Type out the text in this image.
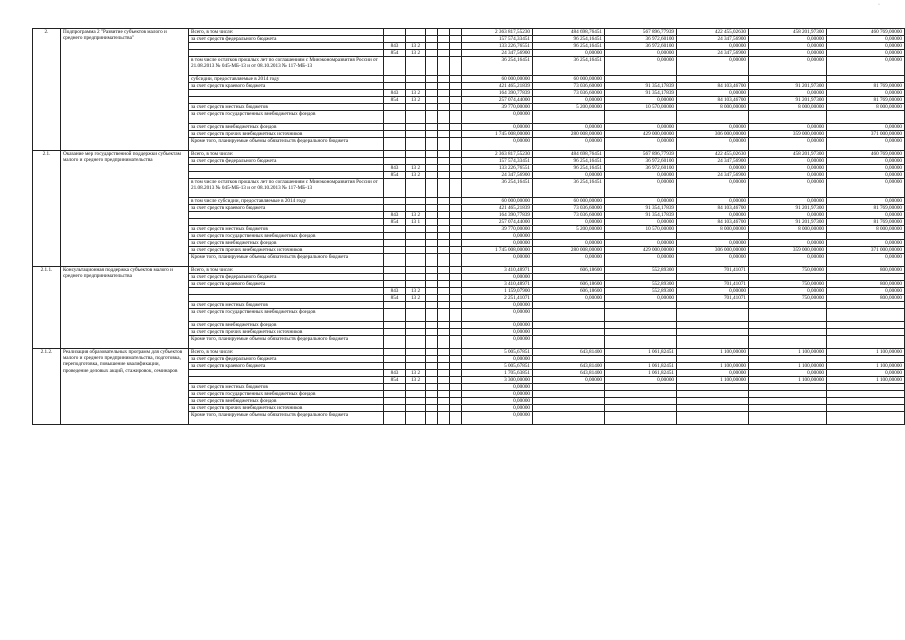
·
2.	Подпрограмма 2 "Развитие субъектов малого и среднего предпринимательства"	Всего, в том числе:						2 363 817,55230	484 698,76451	567 896,77939	422 455,02630	458 201,97300	460 769,00000
		за счет средств федерального бюджета						157 574,33451	96 254,16451	36 972,60100	24 347,56900	0,00000	0,00000
			843	13 2				133 226,76551	96 254,16451	36 972,60100	0,00000	0,00000	0,00000
			854	13 2				24 347,56900	0,00000	0,00000	24 347,56900	0,00000	0,00000
		в том числе остатков прошлых лет по соглашениям с Минэкономразвития России от 21.08.2013 № 045-МБ-13 и от 08.10.2013 № 117-МБ-13						36 254,16451	36 254,16451	0,00000	0,00000	0,00000	0,00000
		субсидии, предоставляемые в 2014 году						60 000,00000	60 000,00000				
		за счет средств краевого бюджета						421 465,21839	73 036,60000	91 354,17839	84 103,46700	91 201,97300	81 769,00000
			843	13 2				164 390,77839	73 036,60000	91 354,17839	0,00000	0,00000	0,00000
			854	13 2				257 074,44000	0,00000	0,00000	84 103,46700	91 201,97300	81 769,00000
		за счет средств местных бюджетов						39 770,00000	5 200,00000	10 570,00000	8 000,00000	8 000,00000	8 000,00000
		за счет средств государственных внебюджетных фондов						0,00000					
		за счет средств внебюджетных фондов						0,00000	0,00000	0,00000	0,00000	0,00000	0,00000
		за счет средств прочих внебюджетных источников						1 745 008,00000	280 008,00000	429 000,00000	306 000,00000	359 000,00000	371 000,00000
		Кроме того, планируемые объемы обязательств федерального бюджета						0,00000	0,00000	0,00000	0,00000	0,00000	0,00000
2.1.	Оказание мер государственной поддержки субъектам малого и среднего предпринимательства	Всего, в том числе:						2 363 817,55230	484 698,76451	567 896,77939	422 455,02630	458 201,97300	460 769,00000
		за счет средств федерального бюджета						157 574,33451	96 254,16451	36 972,60100	24 347,56900	0,00000	0,00000
			843	13 2				133 226,76551	96 254,16451	36 972,60100	0,00000	0,00000	0,00000
			854	13 2				24 347,56900	0,00000	0,00000	24 347,56900	0,00000	0,00000
		в том числе остатков прошлых лет по соглашениям с Минэкономразвития России от 21.08.2013 № 045-МБ-13 и от 08.10.2013 № 117-МБ-13						36 254,16451	36 254,16451	0,00000	0,00000	0,00000	0,00000
		в том числе субсидии, предоставляемые в 2014 году						60 000,00000	60 000,00000	0,00000	0,00000	0,00000	0,00000
		за счет средств краевого бюджета						421 465,21839	73 036,60000	91 354,17839	84 103,46700	91 201,97300	81 769,00000
			843	13 2				164 390,77839	73 036,60000	91 354,17839	0,00000	0,00000	0,00000
			854	13 1				257 074,44000	0,00000	0,00000	84 103,46700	91 201,97300	81 769,00000
		за счет средств местных бюджетов						39 770,00000	5 200,00000	10 570,00000	8 000,00000	8 000,00000	8 000,00000
		за счет средств государственных внебюджетных фондов						0,00000					
		за счет средств внебюджетных фондов						0,00000	0,00000	0,00000	0,00000	0,00000	0,00000
		за счет средств прочих внебюджетных источников						1 745 008,00000	280 008,00000	429 000,00000	306 000,00000	359 000,00000	371 000,00000
		Кроме того, планируемые объемы обязательств федерального бюджета						0,00000	0,00000	0,00000	0,00000	0,00000	0,00000
2.1.1.	Консультационная поддержка субъектов малого и среднего предпринимательства	Всего, в том числе:						3 410,48971	606,18600	552,89300	701,41071	750,00000	800,00000
		за счет средств федерального бюджета						0,00000					
		за счет средств краевого бюджета						3 410,48971	606,18600	552,89300	701,41071	750,00000	800,00000
			843	13 2				1 159,07900	606,18600	552,89300	0,00000	0,00000	0,00000
			854	13 2				2 251,41071	0,00000	0,00000	701,41071	750,00000	800,00000
		за счет средств местных бюджетов						0,00000					
		за счет средств государственных внебюджетных фондов						0,00000					
		за счет средств внебюджетных фондов						0,00000					
		за счет средств прочих внебюджетных источников						0,00000					
		Кроме того, планируемые объемы обязательств федерального бюджета						0,00000					
2.1.2.	Реализация образовательных программ для субъектов малого и среднего предпринимательства, подготовка, переподготовка, повышение квалификации, проведение деловых акций, стажировок, семинаров	Всего, в том числе:						5 005,67851	643,81400	1 061,82451	1 100,00000	1 100,00000	1 100,00000
		за счет средств федерального бюджета						0,00000					
		за счет средств краевого бюджета						5 005,67851	643,81400	1 061,82451	1 100,00000	1 100,00000	1 100,00000
			843	13 2				1 705,63851	643,81400	1 061,82451	0,00000	0,00000	0,00000
			854	13 2				3 300,00000	0,00000	0,00000	1 100,00000	1 100,00000	1 100,00000
		за счет средств местных бюджетов						0,00000					
		за счет средств государственных внебюджетных фондов						0,00000					
		за счет средств внебюджетных фондов						0,00000					
		за счет средств прочих внебюджетных источников						0,00000					
		Кроме того, планируемые объемы обязательств федерального бюджета						0,00000					
